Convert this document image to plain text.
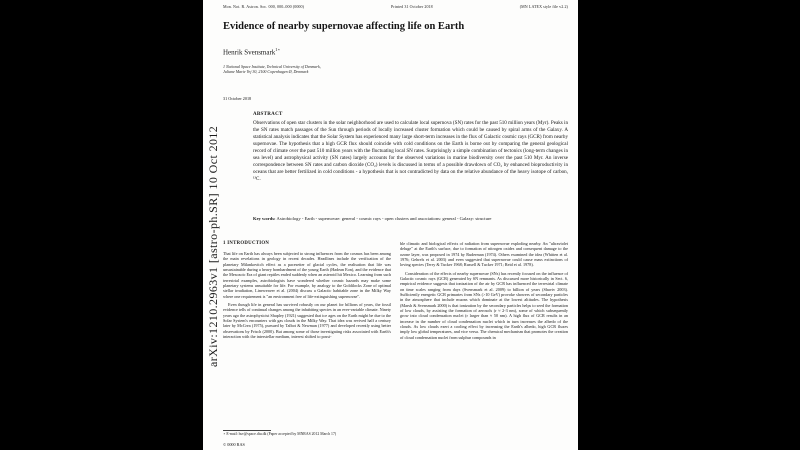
arXiv:1210.2963v1 [astro-ph.SR] 10 Oct 2012
Mon. Not. R. Astron. Soc. 000, 000–000 (0000)	Printed 31 October 2018	(MN LATEX style file v2.2)
Evidence of nearby supernovae affecting life on Earth
Henrik Svensmark$^{1⋆}$
1 National Space Institute, Technical University of Denmark,
Juliane Marie Vej 30, 2100 Copenhagen Ø, Denmark
31 October 2018
ABSTRACT
Observations of open star clusters in the solar neighborhood are used to calculate local supernova (SN) rates for the past 510 million years (Myr). Peaks in the SN rates match passages of the Sun through periods of locally increased cluster formation which could be caused by spiral arms of the Galaxy. A statistical analysis indicates that the Solar System has experienced many large short-term increases in the flux of Galactic cosmic rays (GCR) from nearby supernovae. The hypothesis that a high GCR flux should coincide with cold conditions on the Earth is borne out by comparing the general geological record of climate over the past 510 million years with the fluctuating local SN rates. Surprisingly a simple combination of tectonics (long-term changes in sea level) and astrophysical activity (SN rates) largely accounts for the observed variations in marine biodiversity over the past 510 Myr. An inverse correspondence between SN rates and carbon dioxide (CO₂) levels is discussed in terms of a possible drawdown of CO₂ by enhanced bioproductivity in oceans that are better fertilized in cold conditions - a hypothesis that is not contradicted by data on the relative abundance of the heavy isotope of carbon, ¹³C.
Key words: Astrobiology - Earth - supernovae: general - cosmic rays - open clusters and associations: general - Galaxy: structure
1 INTRODUCTION

That life on Earth has always been subjected to strong influences from the cosmos has been among the main revelations in geology in recent decades. Headlines include the verification of the planetary Milankovitch effect as a pacesetter of glacial cycles, the realisation that life was unsustainable during a heavy bombardment of the young Earth (Hadean Eon), and the evidence that the Mesozoic Era of giant reptiles ended suddenly when an asteroid hit Mexico. Learning from such terrestrial examples, astrobiologists have wondered whether cosmic hazards may make some planetary systems unsuitable for life. For example, by analogy to the Goldilocks Zone of optimal stellar irradiation, Lineweaver et al. (2004) discuss a Galactic habitable zone in the Milky Way where one requirement is "an environment free of life-extinguishing supernovae".

Even though life in general has survived robustly on our planet for billions of years, the fossil evidence tells of continual changes among the inhabiting species in an ever-variable climate. Ninety years ago the astrophysicist Shapley (1921) suggested that ice ages on the Earth might be due to the Solar System's encounters with gas clouds in the Milky Way. That idea was revived half a century later by McCrea (1975), pursued by Talbot & Newman (1977) and developed recently using better observations by Frisch (2000). But among some of those investigating risks associated with Earth's interaction with the interstellar medium, interest shifted to possi-

⋆ E-mail: hsv@space.dtu.dk (Paper accepted by MNRAS 2012 March 17)

ble climatic and biological effects of radiation from supernovae exploding nearby. An "ultraviolet deluge" at the Earth's surface, due to formation of nitrogen oxides and consequent damage to the ozone layer, was proposed in 1974 by Ruderman (1974). Others examined the idea (Whitten et al. 1976; Gehrels et al. 2003) and even suggested that supernovae could cause mass extinctions of loving species (Terry & Tucker 1968; Russell & Tucker 1971; Reid et al. 1978).

Consideration of the effects of nearby supernovae (SNs) has recently focused on the influence of Galactic cosmic rays (GCR) generated by SN remnants. As discussed more historically in Sect. 6, empirical evidence suggests that ionization of the air by GCR has influenced the terrestrial climate on time scales ranging from days (Svensmark et al. 2009) to billion of years (Shaviv 2003). Sufficiently energetic GCR primaries from SNs (>10 GeV) provoke showers of secondary particles in the atmosphere that include muons which dominate at the lowest altitudes. The hypothesis (Marsh & Svensmark 2000) is that ionization by the secondary particles helps to seed the formation of low clouds, by assisting the formation of aerosols (r ≈ 2-3 nm), some of which subsequently grow into cloud condensation nuclei (r larger than ≈ 50 nm). A high flux of GCR results in an increase in the number of cloud condensation nuclei which in turn increases the albedo of the clouds. As low clouds exert a cooling effect by increasing the Earth's albedo, high GCR fluxes imply low global temperatures, and vice versa. The chemical mechanism that promotes the creation of cloud condensation nuclei from sulphur compounds in

© 0000 RAS
